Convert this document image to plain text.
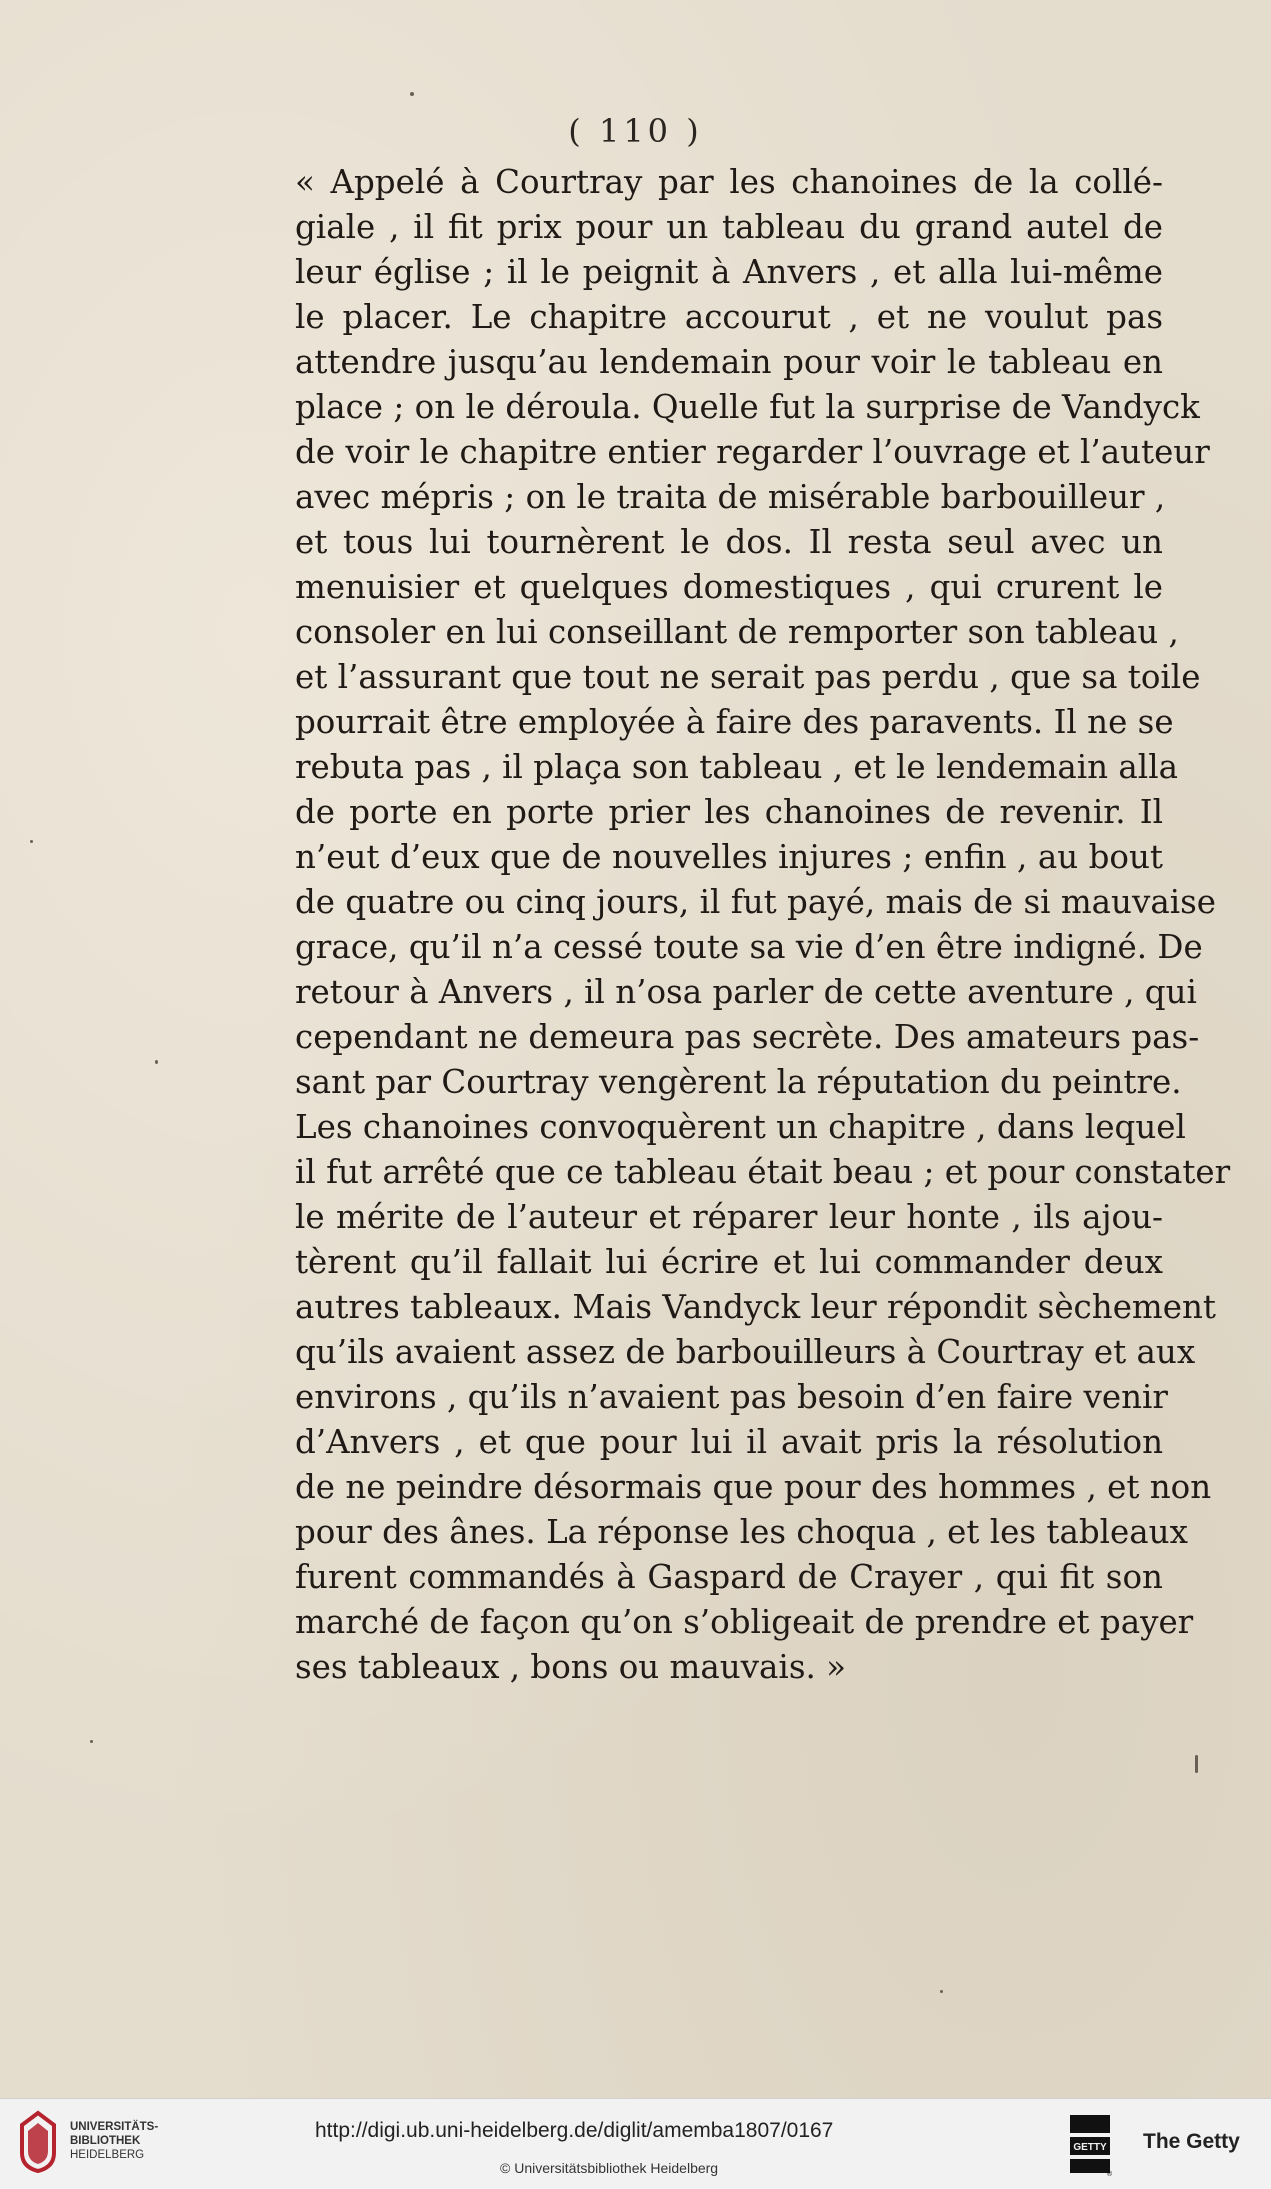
( 110 )
« Appelé à Courtray par les chanoines de la collé-
giale , il fit prix pour un tableau du grand autel de
leur église ; il le peignit à Anvers , et alla lui-même
le placer. Le chapitre accourut , et ne voulut pas
attendre jusqu’au lendemain pour voir le tableau en
place ; on le déroula. Quelle fut la surprise de Vandyck
de voir le chapitre entier regarder l’ouvrage et l’auteur
avec mépris ; on le traita de misérable barbouilleur ,
et tous lui tournèrent le dos. Il resta seul avec un
menuisier et quelques domestiques , qui crurent le
consoler en lui conseillant de remporter son tableau ,
et l’assurant que tout ne serait pas perdu , que sa toile
pourrait être employée à faire des paravents. Il ne se
rebuta pas , il plaça son tableau , et le lendemain alla
de porte en porte prier les chanoines de revenir. Il
n’eut d’eux que de nouvelles injures ; enfin , au bout
de quatre ou cinq jours, il fut payé, mais de si mauvaise
grace, qu’il n’a cessé toute sa vie d’en être indigné. De
retour à Anvers , il n’osa parler de cette aventure , qui
cependant ne demeura pas secrète. Des amateurs pas-
sant par Courtray vengèrent la réputation du peintre.
Les chanoines convoquèrent un chapitre , dans lequel
il fut arrêté que ce tableau était beau ; et pour constater
le mérite de l’auteur et réparer leur honte , ils ajou-
tèrent qu’il fallait lui écrire et lui commander deux
autres tableaux. Mais Vandyck leur répondit sèchement
qu’ils avaient assez de barbouilleurs à Courtray et aux
environs , qu’ils n’avaient pas besoin d’en faire venir
d’Anvers , et que pour lui il avait pris la résolution
de ne peindre désormais que pour des hommes , et non
pour des ânes. La réponse les choqua , et les tableaux
furent commandés à Gaspard de Crayer , qui fit son
marché de façon qu’on s’obligeait de prendre et payer
ses tableaux , bons ou mauvais. »
UNIVERSITÄTS-
BIBLIOTHEK
HEIDELBERG
http://digi.ub.uni-heidelberg.de/diglit/amemba1807/0167
© Universitätsbibliothek Heidelberg
GETTY
®
The Getty
